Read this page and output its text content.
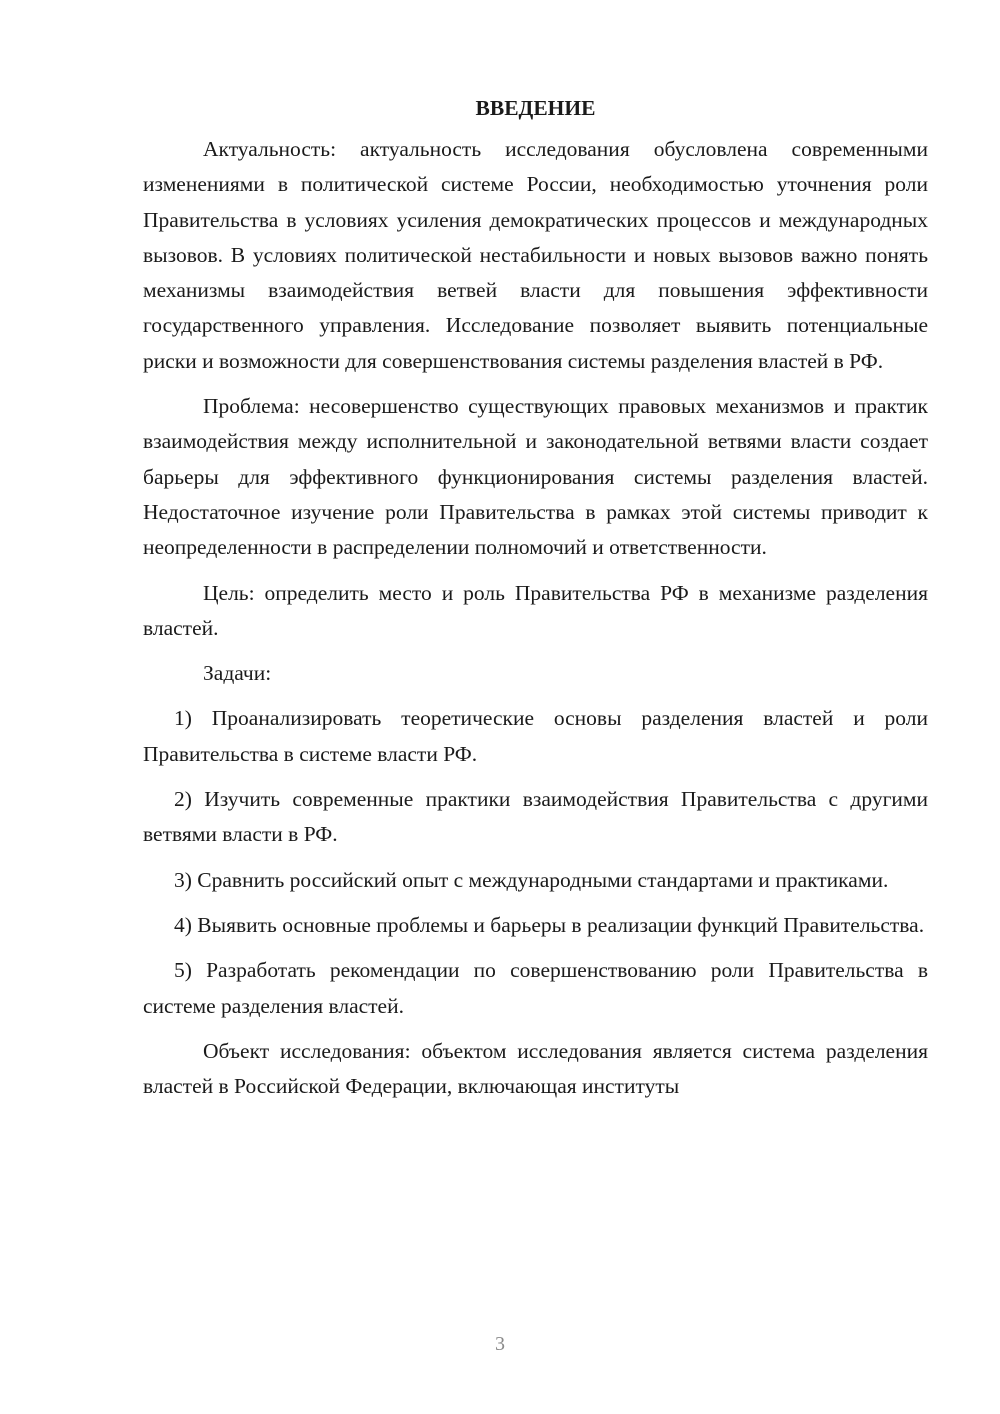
ВВЕДЕНИЕ

Актуальность: актуальность исследования обусловлена современными изменениями в политической системе России, необходимостью уточнения роли Правительства в условиях усиления демократических процессов и международных вызовов. В условиях политической нестабильности и новых вызовов важно понять механизмы взаимодействия ветвей власти для повышения эффективности государственного управления. Исследование позволяет выявить потенциальные риски и возможности для совершенствования системы разделения властей в РФ.

Проблема: несовершенство существующих правовых механизмов и практик взаимодействия между исполнительной и законодательной ветвями власти создает барьеры для эффективного функционирования системы разделения властей. Недостаточное изучение роли Правительства в рамках этой системы приводит к неопределенности в распределении полномочий и ответственности.

Цель: определить место и роль Правительства РФ в механизме разделения властей.

Задачи:

1) Проанализировать теоретические основы разделения властей и роли Правительства в системе власти РФ.

2) Изучить современные практики взаимодействия Правительства с другими ветвями власти в РФ.

3) Сравнить российский опыт с международными стандартами и практиками.

4) Выявить основные проблемы и барьеры в реализации функций Правительства.

5) Разработать рекомендации по совершенствованию роли Правительства в системе разделения властей.

Объект исследования: объектом исследования является система разделения властей в Российской Федерации, включающая институты

3
